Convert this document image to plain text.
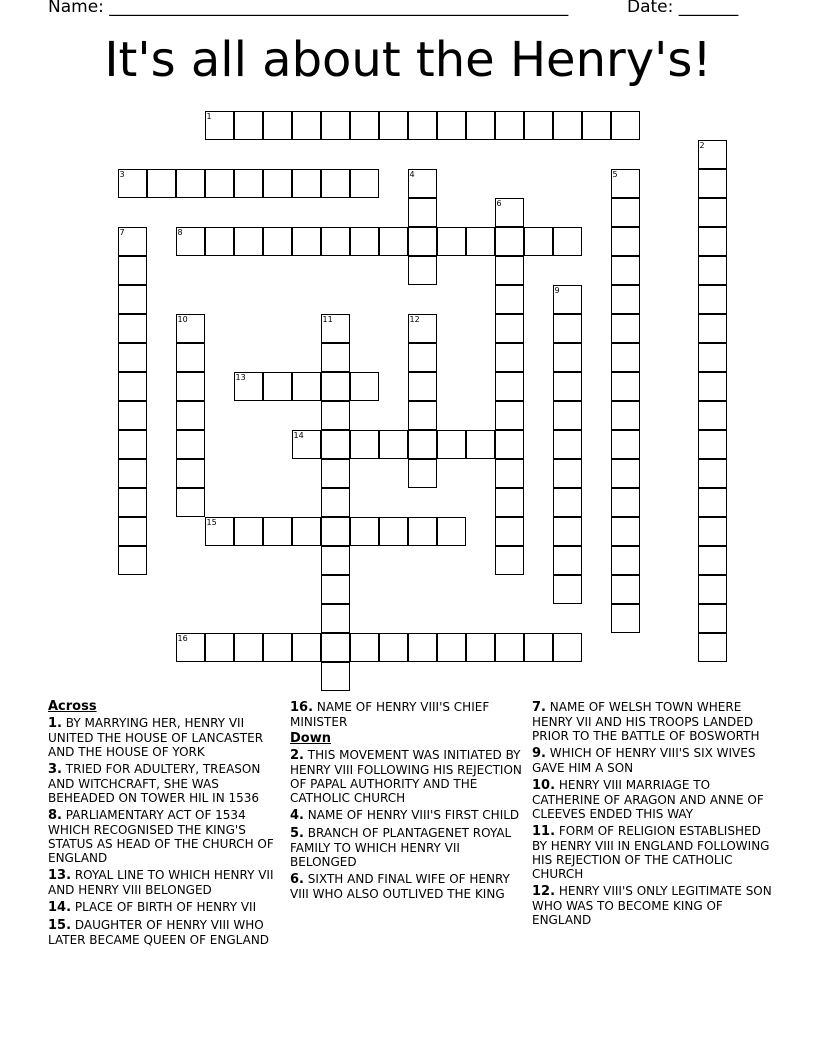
Name: ______________________________________________________	Date: _______
It's all about the Henry's!
1
2
3	4	5
6
7	8
9
10	11	12
13
14
15
16
Across
1. BY MARRYING HER, HENRY VII UNITED THE HOUSE OF LANCASTER AND THE HOUSE OF YORK
3. TRIED FOR ADULTERY, TREASON AND WITCHCRAFT, SHE WAS BEHEADED ON TOWER HIL IN 1536
8. PARLIAMENTARY ACT OF 1534 WHICH RECOGNISED THE KING'S STATUS AS HEAD OF THE CHURCH OF ENGLAND
13. ROYAL LINE TO WHICH HENRY VII AND HENRY VIII BELONGED
14. PLACE OF BIRTH OF HENRY VII
15. DAUGHTER OF HENRY VIII WHO LATER BECAME QUEEN OF ENGLAND
16. NAME OF HENRY VIII'S CHIEF MINISTER
Down
2. THIS MOVEMENT WAS INITIATED BY HENRY VIII FOLLOWING HIS REJECTION OF PAPAL AUTHORITY AND THE CATHOLIC CHURCH
4. NAME OF HENRY VIII'S FIRST CHILD
5. BRANCH OF PLANTAGENET ROYAL FAMILY TO WHICH HENRY VII BELONGED
6. SIXTH AND FINAL WIFE OF HENRY VIII WHO ALSO OUTLIVED THE KING
7. NAME OF WELSH TOWN WHERE HENRY VII AND HIS TROOPS LANDED PRIOR TO THE BATTLE OF BOSWORTH
9. WHICH OF HENRY VIII'S SIX WIVES GAVE HIM A SON
10. HENRY VIII MARRIAGE TO CATHERINE OF ARAGON AND ANNE OF CLEEVES ENDED THIS WAY
11. FORM OF RELIGION ESTABLISHED BY HENRY VIII IN ENGLAND FOLLOWING HIS REJECTION OF THE CATHOLIC CHURCH
12. HENRY VIII'S ONLY LEGITIMATE SON WHO WAS TO BECOME KING OF ENGLAND
